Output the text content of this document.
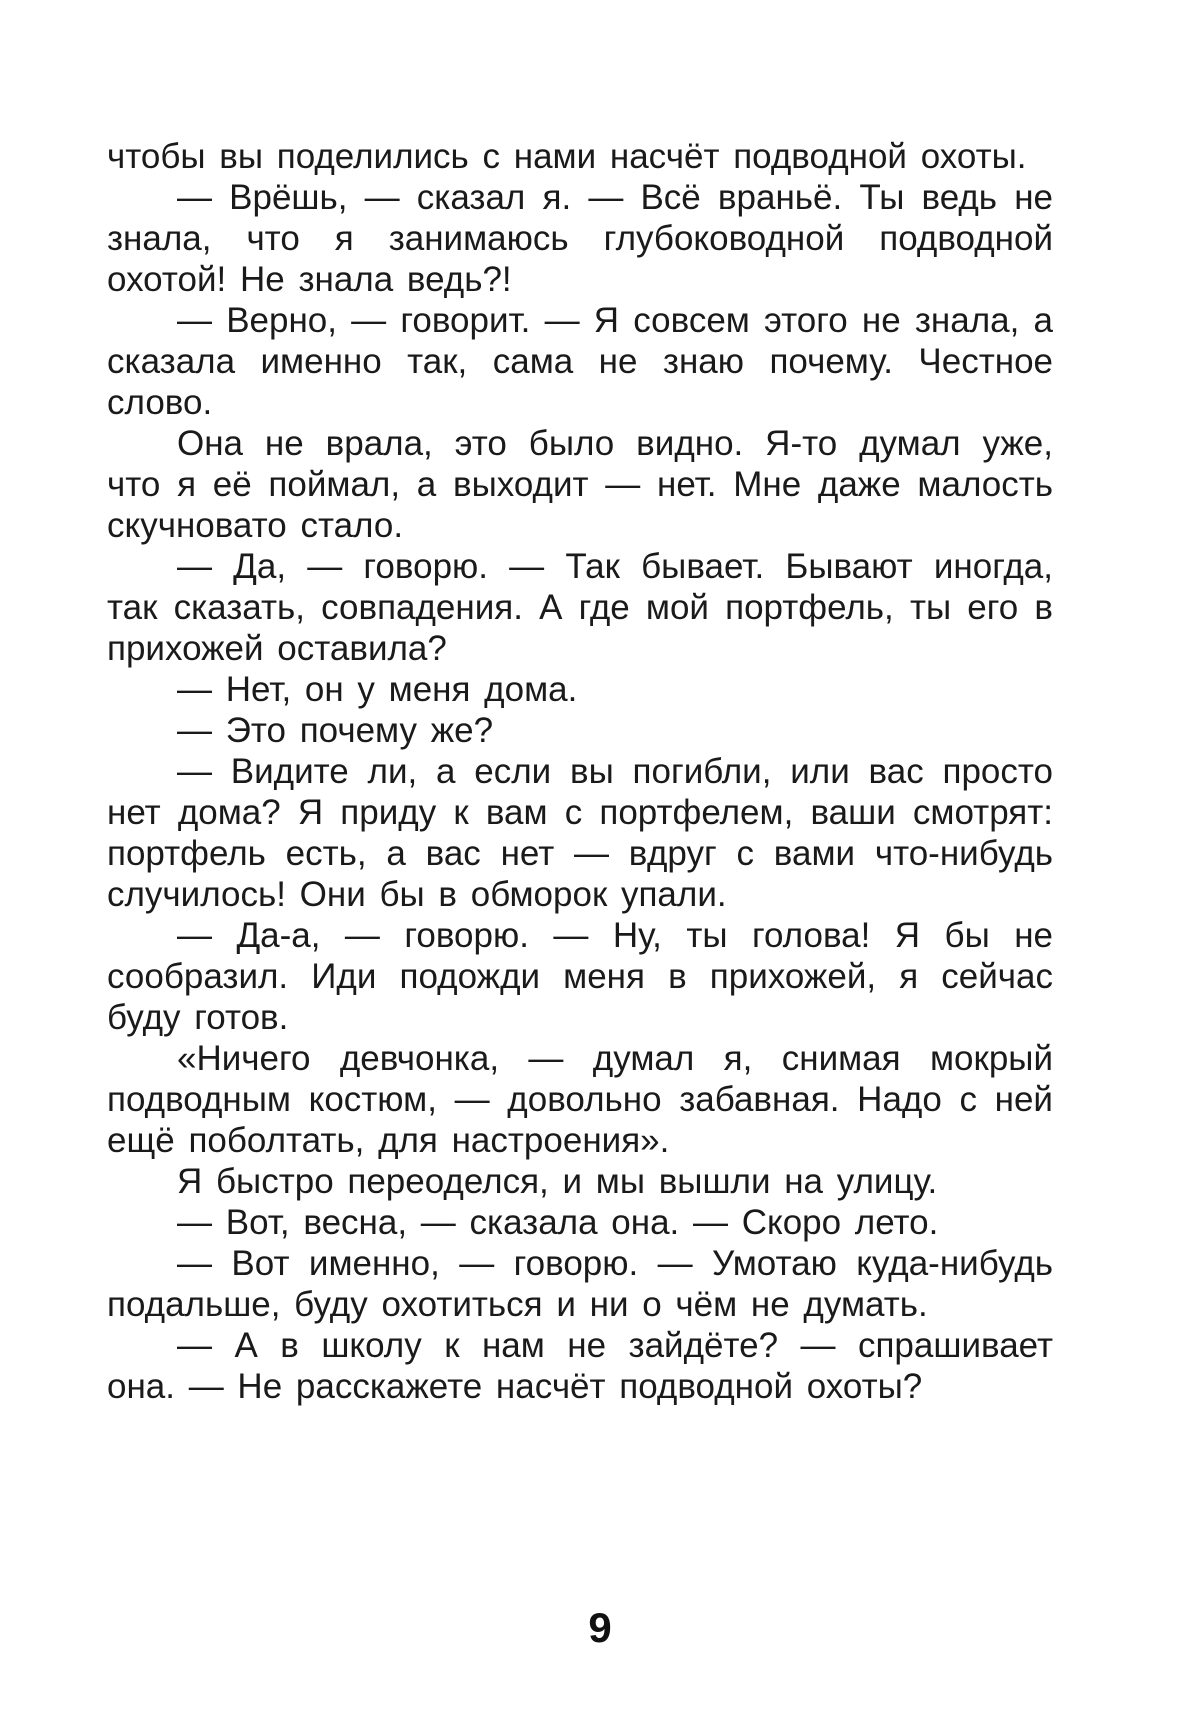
чтобы вы поделились с нами насчёт подводной охоты.

— Врёшь, — сказал я. — Всё враньё. Ты ведь не знала, что я занимаюсь глубоководной подводной охотой! Не знала ведь?!

— Верно, — говорит. — Я совсем этого не знала, а сказала именно так, сама не знаю почему. Честное слово.

Она не врала, это было видно. Я-то думал уже, что я её поймал, а выходит — нет. Мне даже малость скучновато стало.

— Да, — говорю. — Так бывает. Бывают иногда, так сказать, совпадения. А где мой портфель, ты его в прихожей оставила?

— Нет, он у меня дома.

— Это почему же?

— Видите ли, а если вы погибли, или вас просто нет дома? Я приду к вам с портфелем, ваши смотрят: портфель есть, а вас нет — вдруг с вами что-нибудь случилось! Они бы в обморок упали.

— Да-а, — говорю. — Ну, ты голова! Я бы не сообразил. Иди подожди меня в прихожей, я сейчас буду готов.

«Ничего девчонка, — думал я, снимая мокрый подводным костюм, — довольно забавная. Надо с ней ещё поболтать, для настроения».

Я быстро переоделся, и мы вышли на улицу.

— Вот, весна, — сказала она. — Скоро лето.

— Вот именно, — говорю. — Умотаю куда-нибудь подальше, буду охотиться и ни о чём не думать.

— А в школу к нам не зайдёте? — спрашивает она. — Не расскажете насчёт подводной охоты?

9
